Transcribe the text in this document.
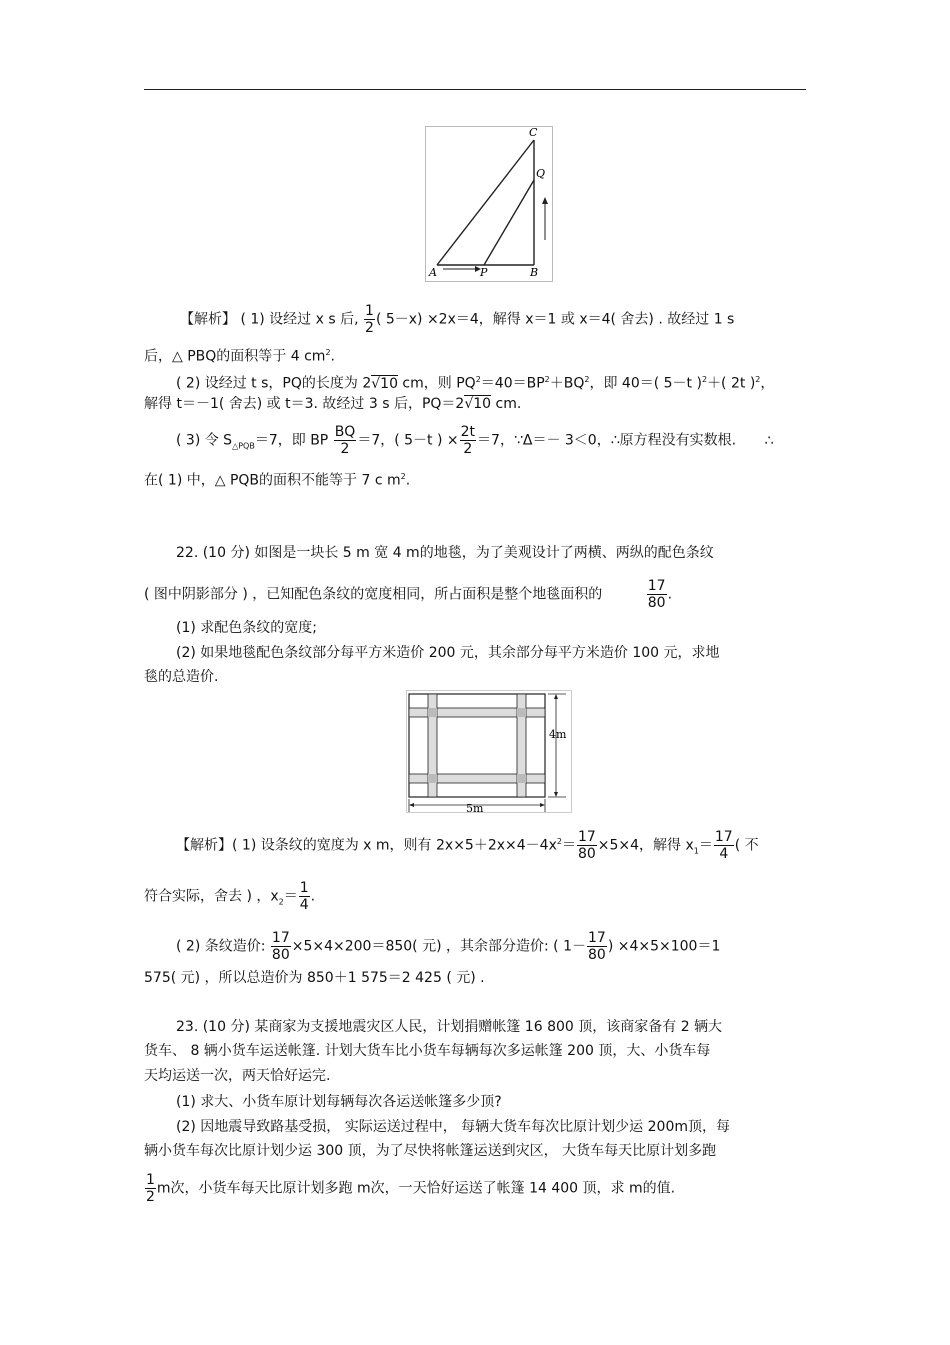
C
Q
A	P	B
【解析】 ( 1) 设经过 x s 后, $\frac{1}{2}$ ( 5－x) ×2x＝4，解得 x＝1 或 x＝4( 舍去) . 故经过 1 s
后，△ PBQ的面积等于 4 $cm^2$.
( 2) 设经过 t s，PQ的长度为 2√10 cm，则 $PQ^2=40=BP^2+BQ^2$，即 40＝( 5－t )$^2$＋( 2t )$^2$，
解得 t＝－1( 舍去) 或 t＝3. 故经过 3 s 后，PQ＝2√10 cm.
( 3) 令 $S_{\triangle PQB}=7$，即 BP $\frac{BQ}{2} =7$，( 5－t ) × $\frac{2t}{2} =7$，∵Δ＝－ 3＜0，∴原方程没有实数根. ∴
在( 1) 中，△ PQB的面积不能等于 7 c $m^2$.
22. (10 分) 如图是一块长 5 m 宽 4 m的地毯，为了美观设计了两横、两纵的配色条纹
( 图中阴影部分 ) ，已知配色条纹的宽度相同，所占面积是整个地毯面积的	$\frac{17}{80}$ .
(1) 求配色条纹的宽度;
(2) 如果地毯配色条纹部分每平方米造价 200 元，其余部分每平方米造价 100 元，求地
毯的总造价.
4m
5m
【解析】( 1) 设条纹的宽度为 x m，则有 $2x\times 5+2x\times 4-4x^2= \frac{17}{80} \times 5\times 4$，解得 $x_1= \frac{17}{4}$ ( 不
符合实际，舍去 ) ，$x_2= \frac{1}{4}$ .
( 2) 条纹造价: $\frac{17}{80} \times 5\times 4\times 200=850$( 元) ，其余部分造价: ( $1- \frac{17}{80}$ ) ×4×5×100＝1
575( 元) ，所以总造价为 850＋1 575＝2 425 ( 元) .
23. (10 分) 某商家为支援地震灾区人民，计划捐赠帐篷 16 800 顶，该商家备有 2 辆大
货车、 8 辆小货车运送帐篷. 计划大货车比小货车每辆每次多运帐篷 200 顶，大、小货车每
天均运送一次，两天恰好运完.
(1) 求大、小货车原计划每辆每次各运送帐篷多少顶?
(2) 因地震导致路基受损， 实际运送过程中， 每辆大货车每次比原计划少运 200m顶，每
辆小货车每次比原计划少运 300 顶，为了尽快将帐篷运送到灾区， 大货车每天比原计划多跑
$\frac{1}{2}$ m次，小货车每天比原计划多跑 m次，一天恰好运送了帐篷 14 400 顶，求 m的值.
